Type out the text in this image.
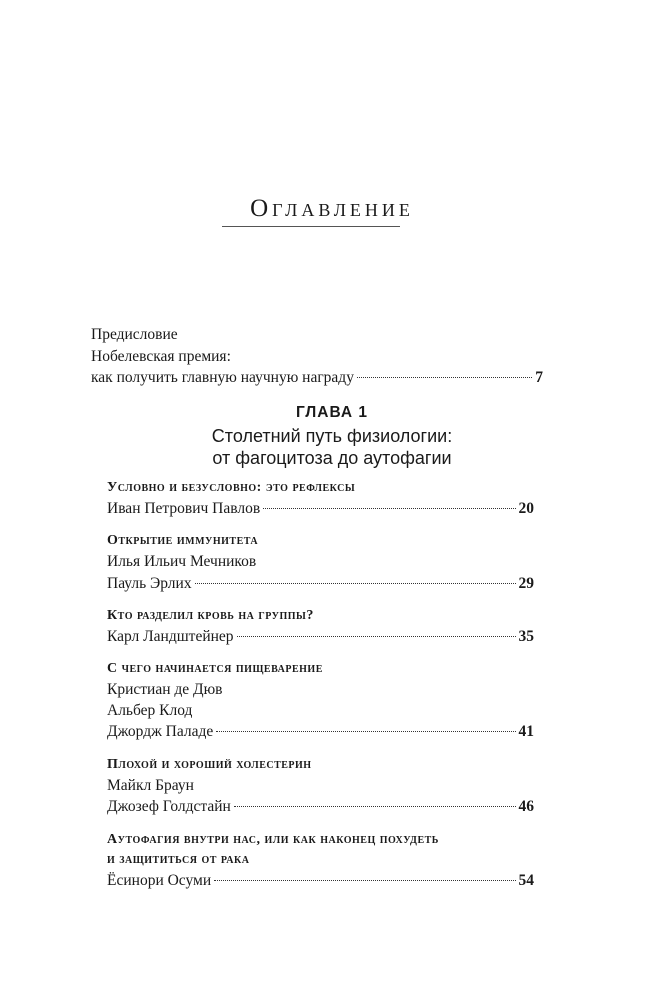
Оглавление
Предисловие
Нобелевская премия:
как получить главную научную награду	7
ГЛАВА 1
Столетний путь физиологии:
от фагоцитоза до аутофагии
Условно и безусловно: это рефлексы
Иван Петрович Павлов	20
Открытие иммунитета
Илья Ильич Мечников
Пауль Эрлих	29
Кто разделил кровь на группы?
Карл Ландштейнер	35
С чего начинается пищеварение
Кристиан де Дюв
Альбер Клод
Джордж Паладе	41
Плохой и хороший холестерин
Майкл Браун
Джозеф Голдстайн	46
Аутофагия внутри нас, или как наконец похудеть
и защититься от рака
Ёсинори Осуми	54
